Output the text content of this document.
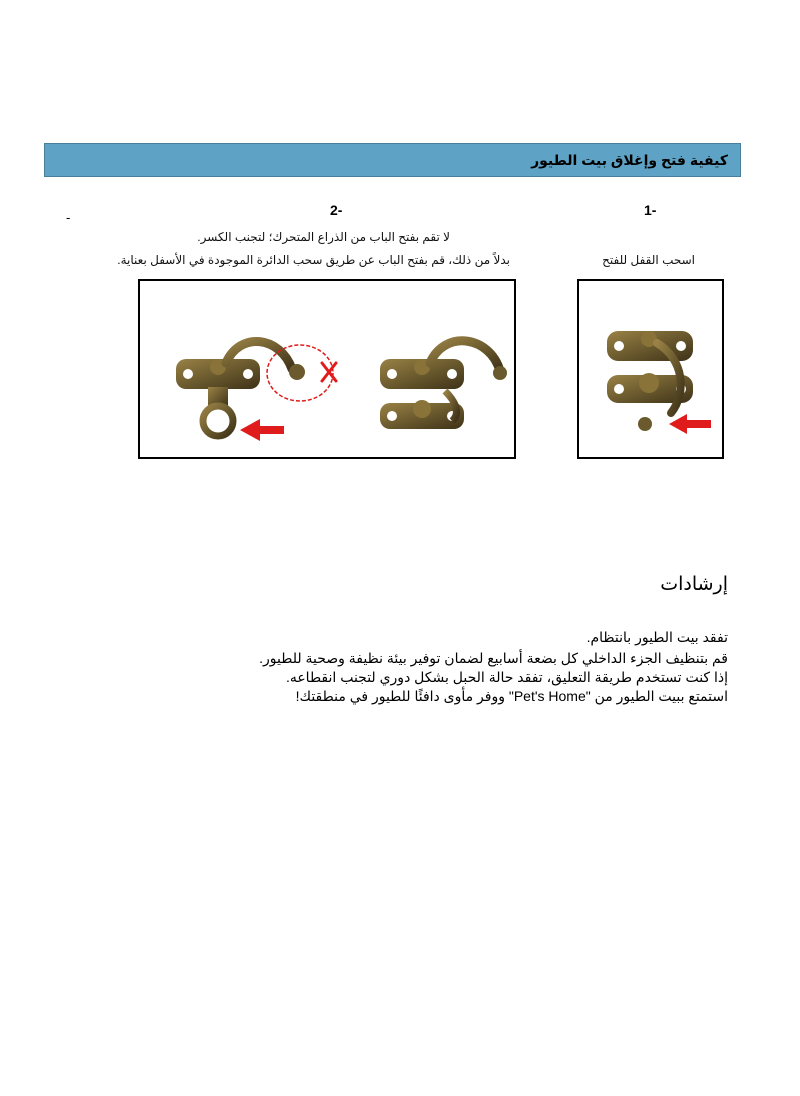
كيفية فتح وإغلاق بيت الطيور
1-
2-
-
لا تقم بفتح الباب من الذراع المتحرك؛ لتجنب الكسر.
بدلاً من ذلك، قم بفتح الباب عن طريق سحب الدائرة الموجودة في الأسفل بعناية.	اسحب القفل للفتح
إرشادات
تفقد بيت الطيور بانتظام.
قم بتنظيف الجزء الداخلي كل بضعة أسابيع لضمان توفير بيئة نظيفة وصحية للطيور.
إذا كنت تستخدم طريقة التعليق، تفقد حالة الحبل بشكل دوري لتجنب انقطاعه.
استمتع ببيت الطيور من "Pet's Home" ووفر مأوى دافئًا للطيور في منطقتك!
